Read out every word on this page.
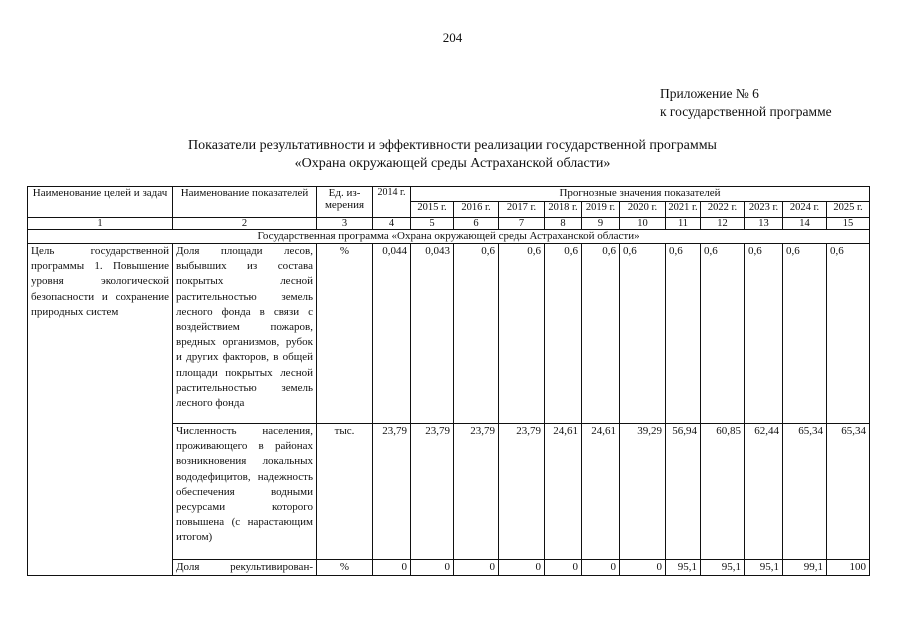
204
Приложение № 6
к государственной программе
Показатели результативности и эффективности реализации государственной программы
«Охрана окружающей среды Астраханской области»
Наименование целей и задач	Наименование показателей	Ед. из-мерения	2014 г.	Прогнозные значения показателей										
				2015 г.	2016 г.	2017 г.	2018 г.	2019 г.	2020 г.	2021 г.	2022 г.	2023 г.	2024 г.	2025 г.
1	2	3	4	5	6	7	8	9	10	11	12	13	14	15
Государственная программа «Охрана окружающей среды Астраханской области»														
Цель государственной программы 1. Повышение уровня экологической безопасности и сохранение природных систем	Доля площади лесов, выбывших из состава покрытых лесной растительностью земель лесного фонда в связи с воздействием пожаров, вредных организмов, рубок и других факторов, в общей площади покрытых лесной растительностью земель лесного фонда	%	0,044	0,043	0,6	0,6	0,6	0,6	0,6	0,6	0,6	0,6	0,6	0,6
	Численность населения, проживающего в районах возникновения локальных вододефицитов, надежность обеспечения водными ресурсами которого повышена (с нарастающим итогом)	тыс.	23,79	23,79	23,79	23,79	24,61	24,61	39,29	56,94	60,85	62,44	65,34	65,34
	Доля рекультивирован-	%	0	0	0	0	0	0	0	95,1	95,1	95,1	99,1	100
